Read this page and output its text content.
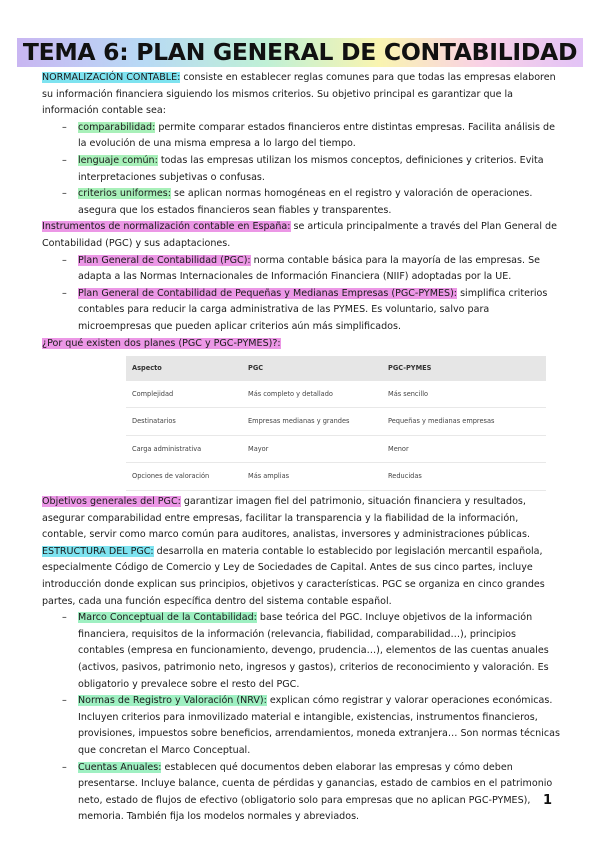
TEMA 6: PLAN GENERAL DE CONTABILIDAD

NORMALIZACIÓN CONTABLE: consiste en establecer reglas comunes para que todas las empresas elaboren su información financiera siguiendo los mismos criterios. Su objetivo principal es garantizar que la información contable sea:

– comparabilidad: permite comparar estados financieros entre distintas empresas. Facilita análisis de la evolución de una misma empresa a lo largo del tiempo.
– lenguaje común: todas las empresas utilizan los mismos conceptos, definiciones y criterios. Evita interpretaciones subjetivas o confusas.
– criterios uniformes: se aplican normas homogéneas en el registro y valoración de operaciones. asegura que los estados financieros sean fiables y transparentes.

Instrumentos de normalización contable en España: se articula principalmente a través del Plan General de Contabilidad (PGC) y sus adaptaciones.

– Plan General de Contabilidad (PGC): norma contable básica para la mayoría de las empresas. Se adapta a las Normas Internacionales de Información Financiera (NIIF) adoptadas por la UE.
– Plan General de Contabilidad de Pequeñas y Medianas Empresas (PGC-PYMES): simplifica criterios contables para reducir la carga administrativa de las PYMES. Es voluntario, salvo para microempresas que pueden aplicar criterios aún más simplificados.

¿Por qué existen dos planes (PGC y PGC-PYMES)?:

Aspecto	PGC	PGC-PYMES
Complejidad	Más completo y detallado	Más sencillo
Destinatarios	Empresas medianas y grandes	Pequeñas y medianas empresas
Carga administrativa	Mayor	Menor
Opciones de valoración	Más amplias	Reducidas

Objetivos generales del PGC: garantizar imagen fiel del patrimonio, situación financiera y resultados, asegurar comparabilidad entre empresas, facilitar la transparencia y la fiabilidad de la información, contable, servir como marco común para auditores, analistas, inversores y administraciones públicas.

ESTRUCTURA DEL PGC: desarrolla en materia contable lo establecido por legislación mercantil española, especialmente Código de Comercio y Ley de Sociedades de Capital. Antes de sus cinco partes, incluye introducción donde explican sus principios, objetivos y características. PGC se organiza en cinco grandes partes, cada una función específica dentro del sistema contable español.

– Marco Conceptual de la Contabilidad: base teórica del PGC. Incluye objetivos de la información financiera, requisitos de la información (relevancia, fiabilidad, comparabilidad…), principios contables (empresa en funcionamiento, devengo, prudencia…), elementos de las cuentas anuales (activos, pasivos, patrimonio neto, ingresos y gastos), criterios de reconocimiento y valoración. Es obligatorio y prevalece sobre el resto del PGC.
– Normas de Registro y Valoración (NRV): explican cómo registrar y valorar operaciones económicas. Incluyen criterios para inmovilizado material e intangible, existencias, instrumentos financieros, provisiones, impuestos sobre beneficios, arrendamientos, moneda extranjera… Son normas técnicas que concretan el Marco Conceptual.
– Cuentas Anuales: establecen qué documentos deben elaborar las empresas y cómo deben presentarse. Incluye balance, cuenta de pérdidas y ganancias, estado de cambios en el patrimonio neto, estado de flujos de efectivo (obligatorio solo para empresas que no aplican PGC-PYMES), memoria. También fija los modelos normales y abreviados.
1
